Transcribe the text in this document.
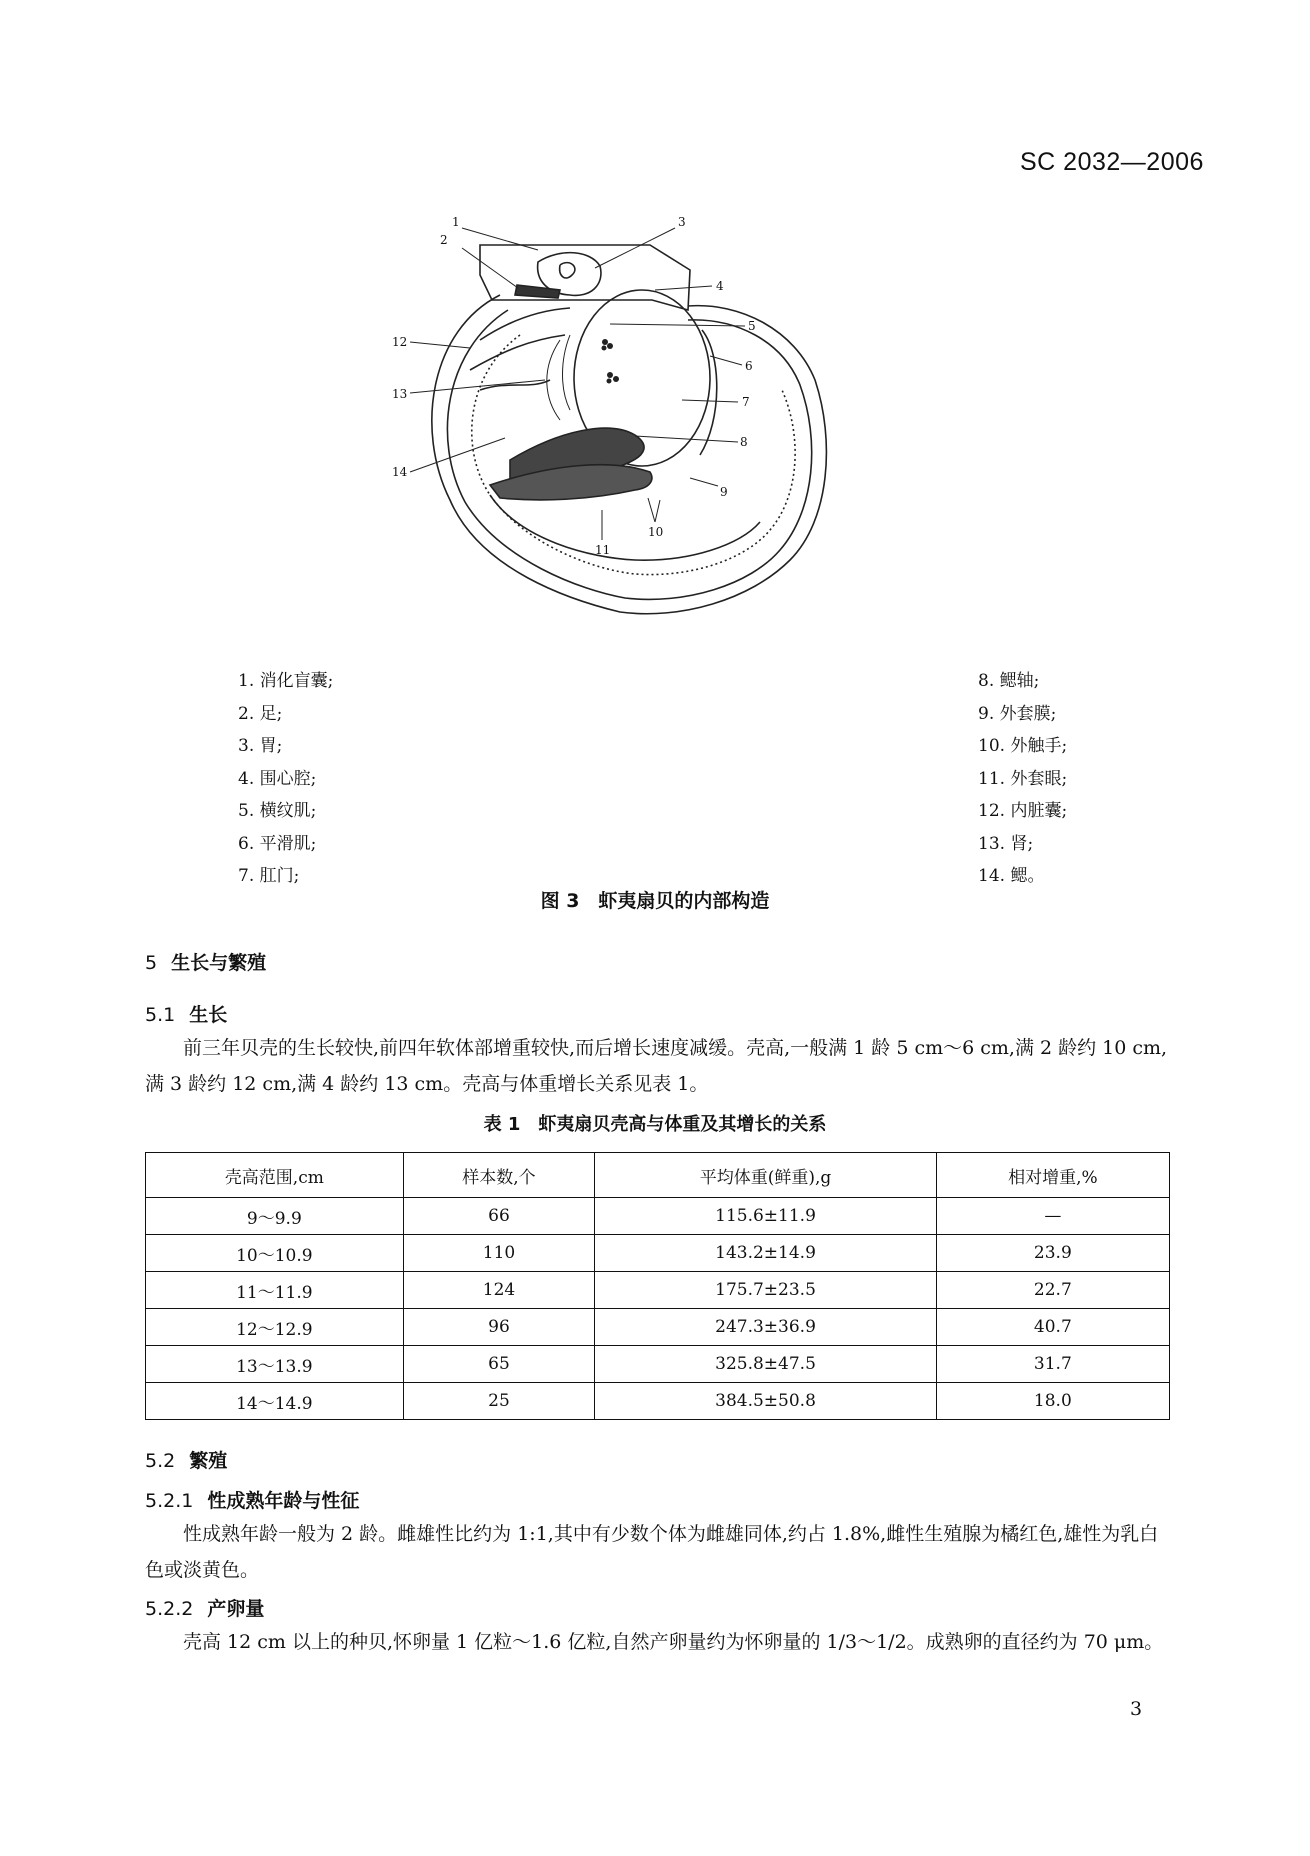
SC 2032—2006
1
2
3
4
5
6
7
8
9
10
11
12
13
14
1. 消化盲囊;
2. 足;
3. 胃;
4. 围心腔;
5. 横纹肌;
6. 平滑肌;
7. 肛门;
8. 鳃轴;
9. 外套膜;
10. 外触手;
11. 外套眼;
12. 内脏囊;
13. 肾;
14. 鳃。
图 3　虾夷扇贝的内部构造
5 生长与繁殖
5.1 生长

前三年贝壳的生长较快,前四年软体部增重较快,而后增长速度减缓。壳高,一般满 1 龄 5 cm～6 cm,满 2 龄约 10 cm,满 3 龄约 12 cm,满 4 龄约 13 cm。壳高与体重增长关系见表 1。

表 1　虾夷扇贝壳高与体重及其增长的关系
壳高范围,cm	样本数,个	平均体重(鲜重),g	相对增重,%
9～9.9	66	115.6±11.9	—
10～10.9	110	143.2±14.9	23.9
11～11.9	124	175.7±23.5	22.7
12～12.9	96	247.3±36.9	40.7
13～13.9	65	325.8±47.5	31.7
14～14.9	25	384.5±50.8	18.0
5.2 繁殖
5.2.1 性成熟年龄与性征

性成熟年龄一般为 2 龄。雌雄性比约为 1:1,其中有少数个体为雌雄同体,约占 1.8%,雌性生殖腺为橘红色,雄性为乳白色或淡黄色。

5.2.2 产卵量

壳高 12 cm 以上的种贝,怀卵量 1 亿粒～1.6 亿粒,自然产卵量约为怀卵量的 1/3～1/2。成熟卵的直径约为 70 μm。

3
